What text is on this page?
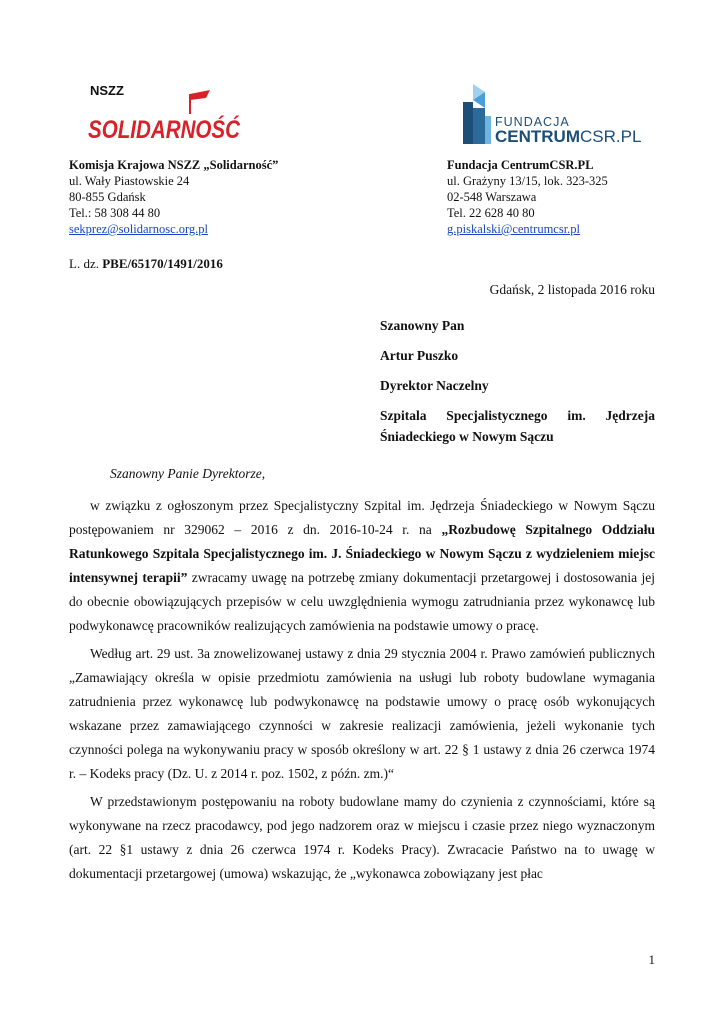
NSZZ
SOLIDARNOŚĆ	FUNDACJA
CENTRUMCSR.PL
Komisja Krajowa NSZZ „Solidarność”
ul. Wały Piastowskie 24
80-855 Gdańsk
Tel.: 58 308 44 80
sekprez@solidarnosc.org.pl
Fundacja CentrumCSR.PL
ul. Grażyny 13/15, lok. 323-325
02-548 Warszawa
Tel. 22 628 40 80
g.piskalski@centrumcsr.pl
L. dz. PBE/65170/1491/2016
Gdańsk, 2 listopada 2016 roku
Szanowny Pan
Artur Puszko
Dyrektor Naczelny
Szpitala Specjalistycznego im. Jędrzeja
Śniadeckiego w Nowym Sączu
Szanowny Panie Dyrektorze,

w związku z ogłoszonym przez Specjalistyczny Szpital im. Jędrzeja Śniadeckiego w Nowym Sączu postępowaniem nr 329062 – 2016 z dn. 2016-10-24 r. na „Rozbudowę Szpitalnego Oddziału Ratunkowego Szpitala Specjalistycznego im. J. Śniadeckiego w Nowym Sączu z wydzieleniem miejsc intensywnej terapii” zwracamy uwagę na potrzebę zmiany dokumentacji przetargowej i dostosowania jej do obecnie obowiązujących przepisów w celu uwzględnienia wymogu zatrudniania przez wykonawcę lub podwykonawcę pracowników realizujących zamówienia na podstawie umowy o pracę.

Według art. 29 ust. 3a znowelizowanej ustawy z dnia 29 stycznia 2004 r. Prawo zamówień publicznych „Zamawiający określa w opisie przedmiotu zamówienia na usługi lub roboty budowlane wymagania zatrudnienia przez wykonawcę lub podwykonawcę na podstawie umowy o pracę osób wykonujących wskazane przez zamawiającego czynności w zakresie realizacji zamówienia, jeżeli wykonanie tych czynności polega na wykonywaniu pracy w sposób określony w art. 22 § 1 ustawy z dnia 26 czerwca 1974 r. – Kodeks pracy (Dz. U. z 2014 r. poz. 1502, z późn. zm.)“

W przedstawionym postępowaniu na roboty budowlane mamy do czynienia z czynnościami, które są wykonywane na rzecz pracodawcy, pod jego nadzorem oraz w miejscu i czasie przez niego wyznaczonym (art. 22 §1 ustawy z dnia 26 czerwca 1974 r. Kodeks Pracy). Zwracacie Państwo na to uwagę w dokumentacji przetargowej (umowa) wskazując, że „wykonawca zobowiązany jest płac

1
